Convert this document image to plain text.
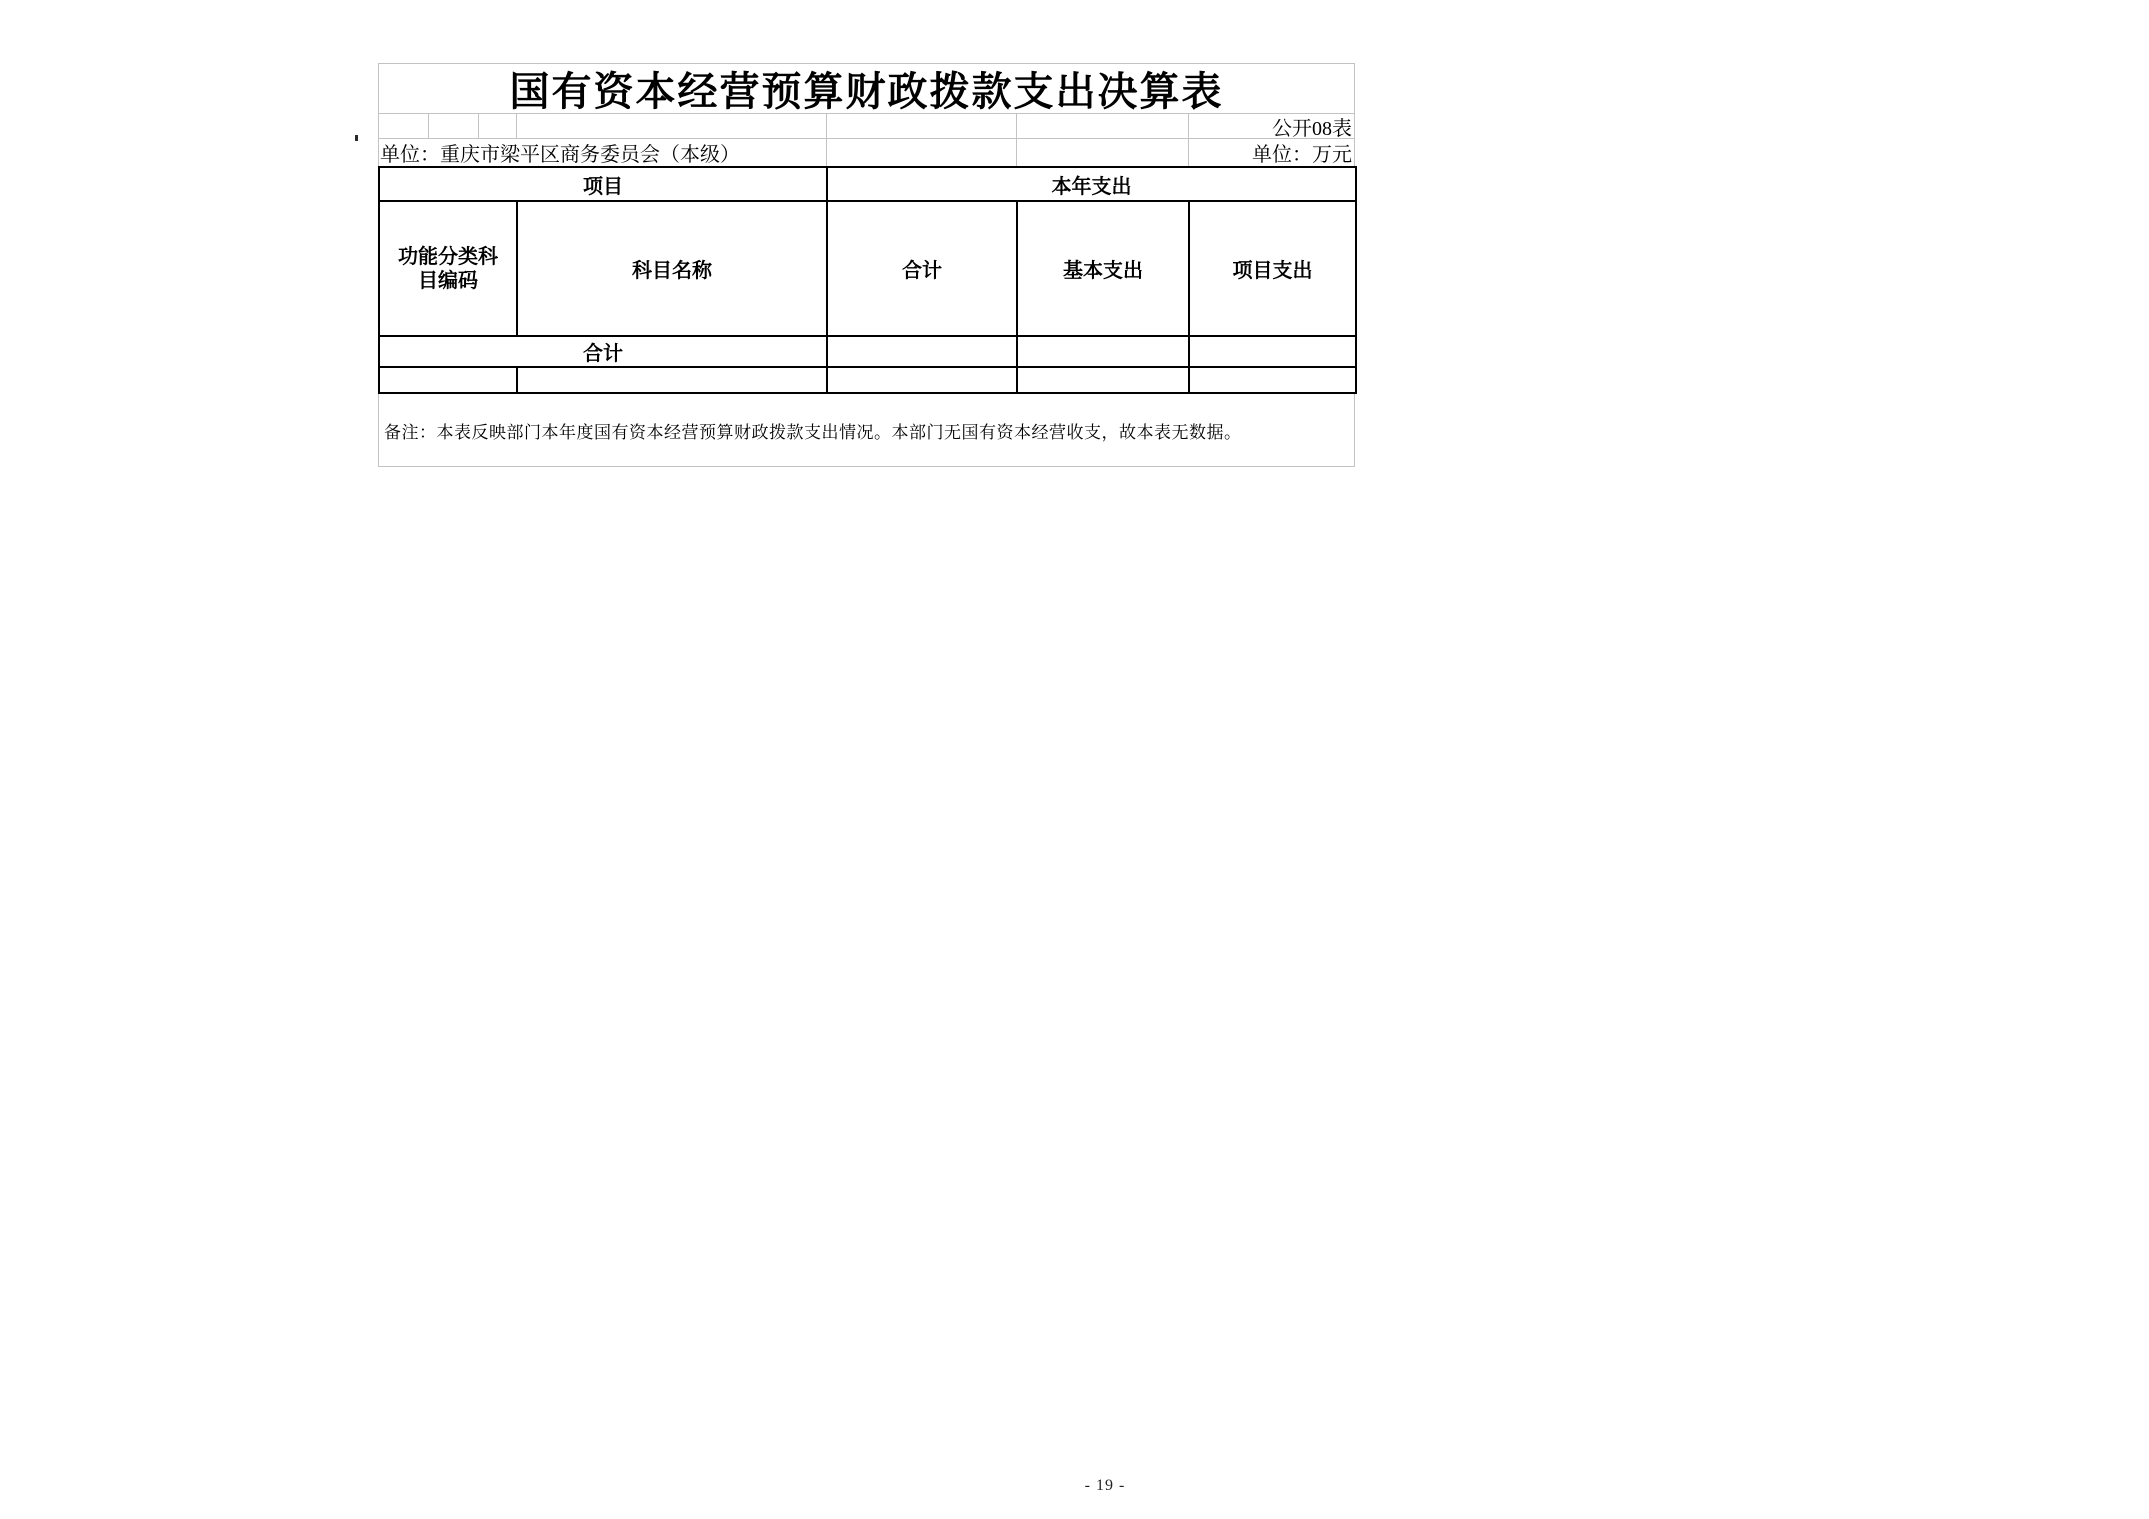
国有资本经营预算财政拨款支出决算表
公开08表
单位：重庆市梁平区商务委员会（本级）	单位：万元
项目		本年支出		
功能分类科目编码	科目名称	合计	基本支出	项目支出
合计				

备注：本表反映部门本年度国有资本经营预算财政拨款支出情况。本部门无国有资本经营收支，故本表无数据。
- 19 -
